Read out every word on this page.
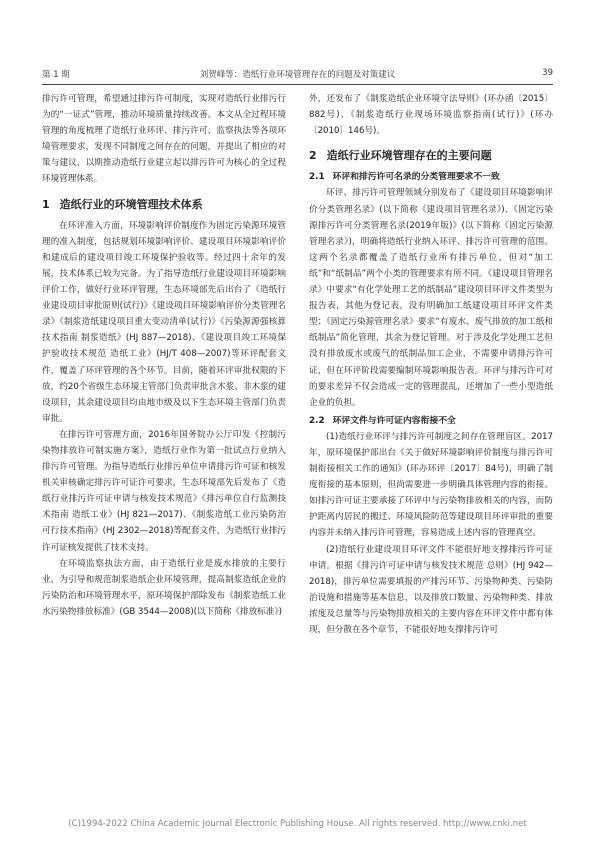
第 1 期	刘贺峰等：造纸行业环境管理存在的问题及对策建议	39

排污许可管理，希望通过排污许可制度，实现对造纸行业排污行为的“一证式”管理，推动环境质量持续改善。本文从全过程环境管理的角度梳理了造纸行业环评、排污许可、监察执法等各项环境管理要求，发现不同制度之间存在的问题，并提出了相应的对策与建议，以期推动造纸行业建立起以排污许可为核心的全过程环境管理体系。

1 造纸行业的环境管理技术体系

在环评准入方面，环境影响评价制度作为固定污染源环境管理的准入制度，包括规划环境影响评价、建设项目环境影响评价和建成后的建设项目竣工环境保护验收等。经过四十余年的发展，技术体系已较为完备。为了指导造纸行业建设项目环境影响评价工作，做好行业环评管理，生态环境部先后出台了《造纸行业建设项目审批原则(试行)》《建设项目环境影响评价分类管理名录》《制浆造纸建设项目重大变动清单(试行)》《污染源源强核算技术指南 制浆造纸》(HJ 887—2018)、《建设项目竣工环境保护验收技术规范 造纸工业》(HJ/T 408—2007)等环评配套文件，覆盖了环评管理的各个环节。目前，随着环评审批权限的下放，约20个省级生态环境主管部门负责审批含木浆、非木浆的建设项目，其余建设项目均由地市级及以下生态环境主管部门负责审批。

在排污许可管理方面，2016年国务院办公厅印发《控制污染物排放许可制实施方案》，造纸行业作为第一批试点行业纳入排污许可管理。为指导造纸行业排污单位申请排污许可证和核发机关审核确定排污许可证许可要求，生态环境部先后发布了《造纸行业排污许可证申请与核发技术规范》《排污单位自行监测技术指南 造纸工业》(HJ 821—2017)、《制浆造纸工业污染防治可行技术指南》(HJ 2302—2018)等配套文件，为造纸行业排污许可证核发提供了技术支持。

在环境监察执法方面，由于造纸行业是废水排放的主要行业，为引导和规范制浆造纸企业环境管理，提高制浆造纸企业的污染防治和环境管理水平，原环境保护部除发布《制浆造纸工业水污染物排放标准》(GB 3544—2008)(以下简称《排放标准》)

外，还发布了《制浆造纸企业环境守法导则》(环办函〔2015〕882号)、《制浆造纸行业现场环境监察指南(试行)》(环办〔2010〕146号)。

2 造纸行业环境管理存在的主要问题
2.1 环评和排污许可名录的分类管理要求不一致

环评、排污许可管理领域分别发布了《建设项目环境影响评价分类管理名录》(以下简称《建设项目管理名录》)、《固定污染源排污许可分类管理名录(2019年版)》(以下简称《固定污染源管理名录》)，明确将造纸行业纳入环评、排污许可管理的范围。这两个名录都覆盖了造纸行业所有排污单位，但对“加工纸”和“纸制品”两个小类的管理要求有所不同。《建设项目管理名录》中要求“有化学处理工艺的纸制品”建设项目环评文件类型为报告表，其他为登记表，没有明确加工纸建设项目环评文件类型；《固定污染源管理名录》要求“有废水、废气排放的加工纸和纸制品”简化管理，其余为登记管理。对于涉及化学处理工艺但没有排放废水或废气的纸制品加工企业，不需要申请排污许可证，但在环评阶段需要编制环境影响报告表。环评与排污许可对的要求差异不仅会造成一定的管理混乱，还增加了一些小型造纸企业的负担。

2.2 环评文件与许可证内容衔接不全

(1)造纸行业环评与排污许可制度之间存在管理盲区。2017年，原环境保护部出台《关于做好环境影响评价制度与排污许可制衔接相关工作的通知》(环办环评〔2017〕84号)，明确了制度衔接的基本原则，但尚需要进一步明确具体管理内容的衔接。如排污许可证主要承接了环评中与污染物排放相关的内容，而防护距离内居民的搬迁、环境风险防范等建设项目环评审批的重要内容并未纳入排污许可管理，容易造成上述内容的管理真空。

(2)造纸行业建设项目环评文件不能很好地支撑排污许可证申请。根据《排污许可证申请与核发技术规范 总则》(HJ 942—2018)，排污单位需要填报的产排污环节、污染物种类、污染防治设施和措施等基本信息，以及排放口数量、污染物种类、排放浓度及总量等与污染物排放相关的主要内容在环评文件中都有体现，但分散在各个章节，不能很好地支撑排污许可

(C)1994-2022 China Academic Journal Electronic Publishing House. All rights reserved. http://www.cnki.net
